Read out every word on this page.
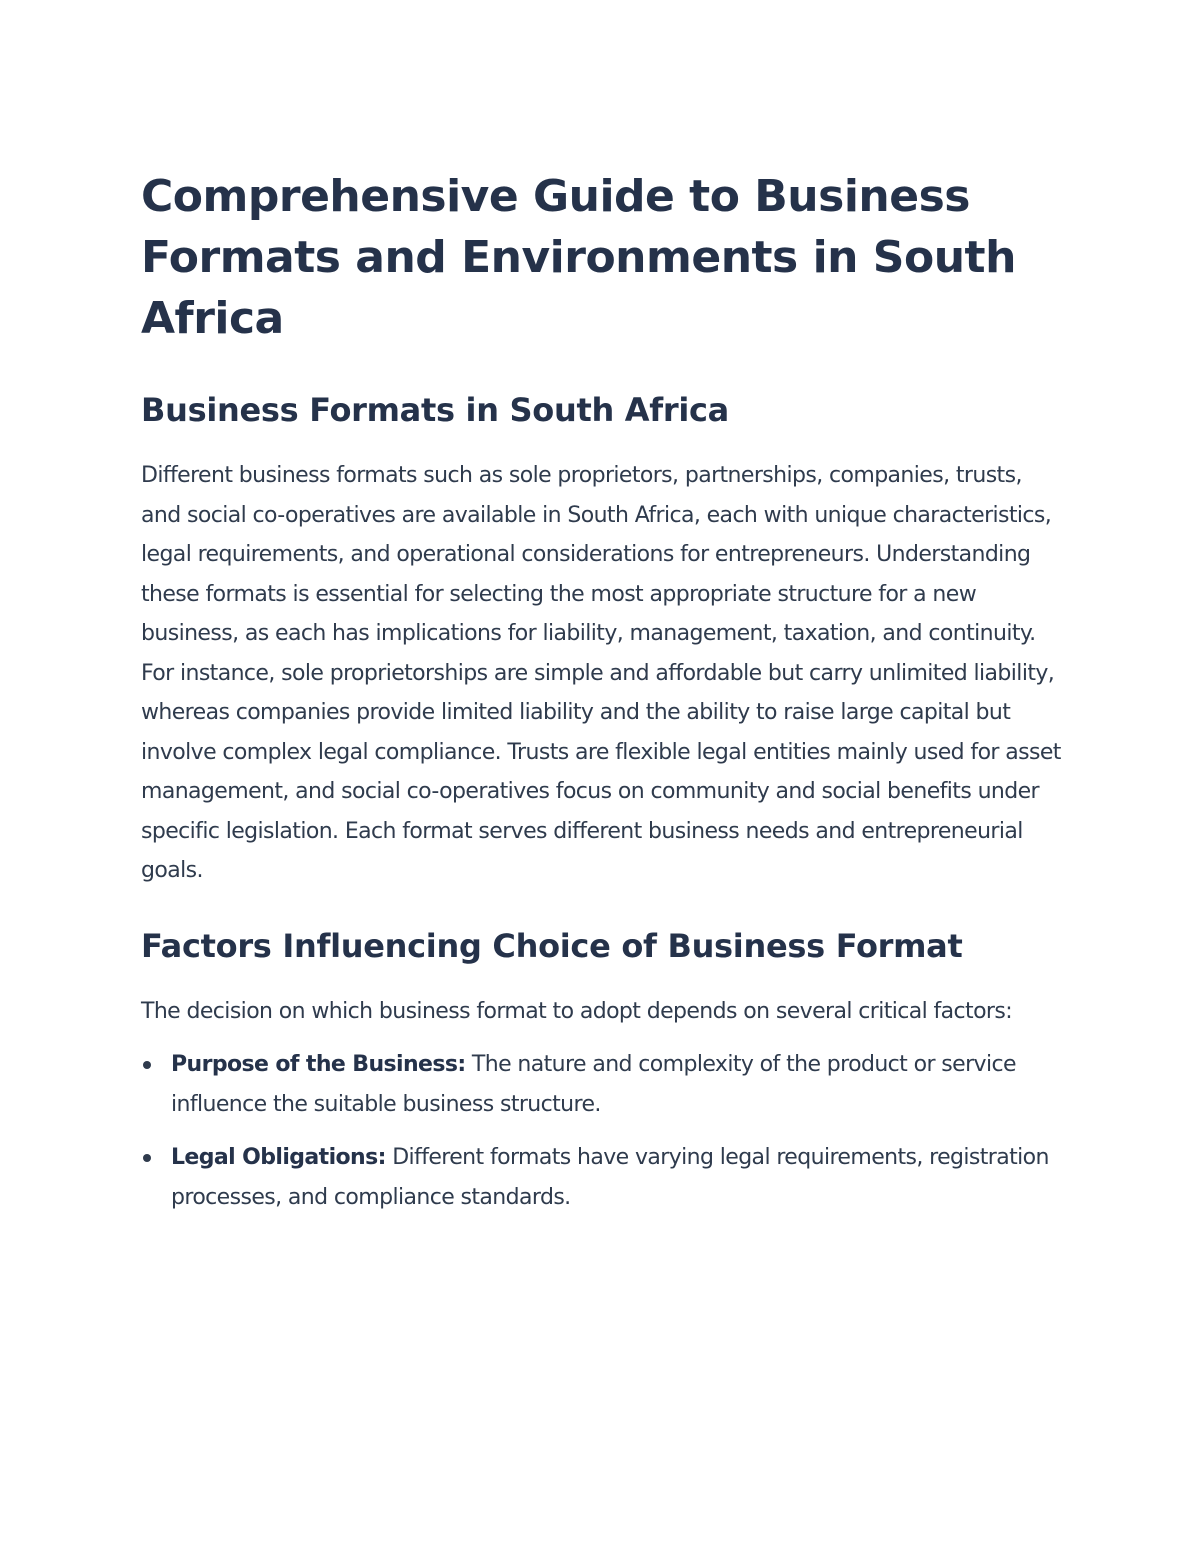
Comprehensive Guide to Business Formats and Environments in South Africa
Business Formats in South Africa

Different business formats such as sole proprietors, partnerships, companies, trusts, and social co-operatives are available in South Africa, each with unique characteristics, legal requirements, and operational considerations for entrepreneurs. Understanding these formats is essential for selecting the most appropriate structure for a new business, as each has implications for liability, management, taxation, and continuity. For instance, sole proprietorships are simple and affordable but carry unlimited liability, whereas companies provide limited liability and the ability to raise large capital but involve complex legal compliance. Trusts are flexible legal entities mainly used for asset management, and social co-operatives focus on community and social benefits under specific legislation. Each format serves different business needs and entrepreneurial goals.

Factors Influencing Choice of Business Format

The decision on which business format to adopt depends on several critical factors:

Purpose of the Business: The nature and complexity of the product or service influence the suitable business structure.
Legal Obligations: Different formats have varying legal requirements, registration processes, and compliance standards.
